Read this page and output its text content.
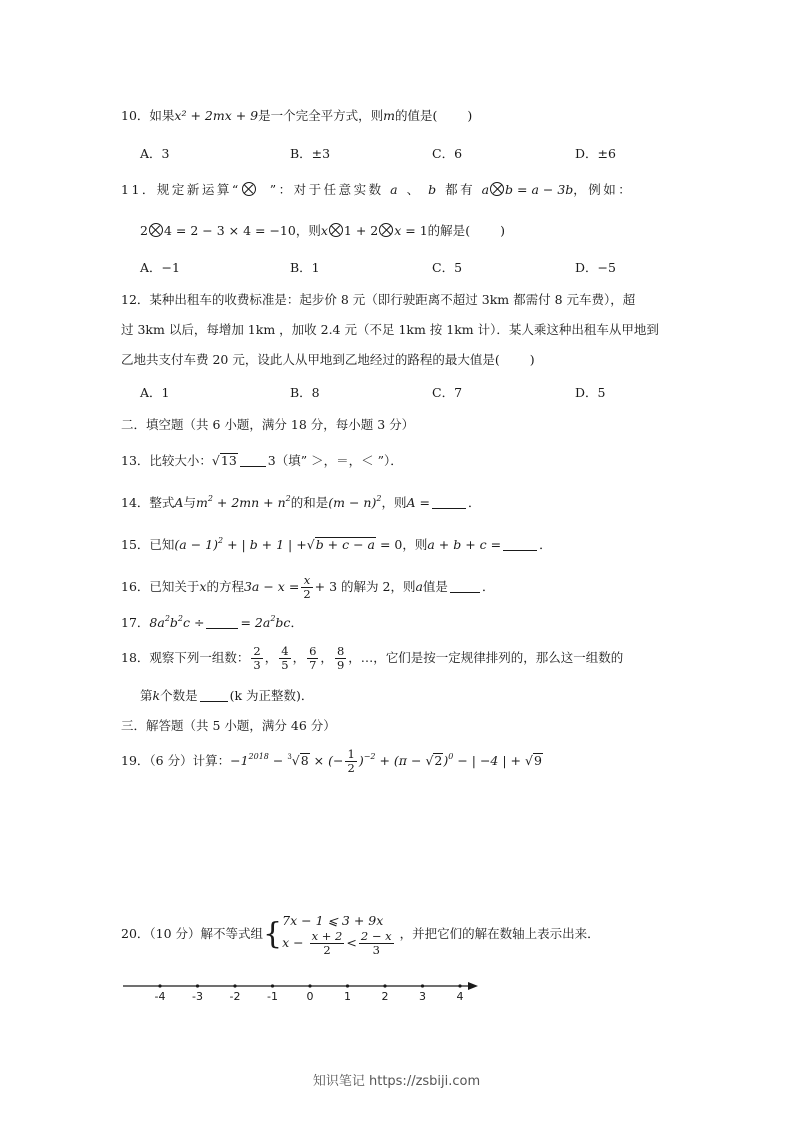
10．如果x² + 2mx + 9是一个完全平方式，则m的值是( )
A．3	B．±3	C．6	D．±6
11．规定新运算“ ”：对于任意实数 a 、 b 都有 a b = a − 3b，例如：
2 4 = 2 − 3 × 4 = −10，则x 1 + 2 x = 1的解是( )
A．−1	B．1	C．5	D．−5
12．某种出租车的收费标准是：起步价 8 元（即行驶距离不超过 3km 都需付 8 元车费），超
过 3km 以后，每增加 1km ，加收 2.4 元（不足 1km 按 1km 计）．某人乘这种出租车从甲地到
乙地共支付车费 20 元，设此人从甲地到乙地经过的路程的最大值是( )
A．1	B．8	C．7	D．5
二．填空题（共 6 小题，满分 18 分，每小题 3 分）
13．比较大小：√13 3（填” ＞，＝，＜ ”）．
14．整式A与$m^2 + 2mn + n^2$的和是$(m - n)^2$，则A =	．
15．已知$(a - 1)^2$ + | b + 1 | +√b + c − a = 0，则a + b + c =	．
16．已知关于x的方程$3a - x = \frac{x}{2} + 3$ 的解为 2，则a值是	．
17．$8a^2b^2c$ ÷	= $2a^2bc$．
18．观察下列一组数： $\frac{2}{3}$ ， $\frac{4}{5}$ ， $\frac{6}{7}$ ， $\frac{8}{9}$ ，…，它们是按一定规律排列的，那么这一组数的
第k个数是	(k 为正整数)．
三．解答题（共 5 小题，满分 46 分）
19．（6 分）计算：$-1^{2018} - ^3√8$ × (− $\frac{1}{2} )^{-2} + (\pi - √2)^0$ − | −4 | + √9
20．（10 分）解不等式组{7x − 1 ⩽ 3 + 9x
$x - \frac{x + 2}{2} < \frac{2 - x}{3}$ ，并把它们的解在数轴上表示出来．
-4 -3 -2 -1	0	1	2	3	4
知识笔记 https://zsbiji.com
